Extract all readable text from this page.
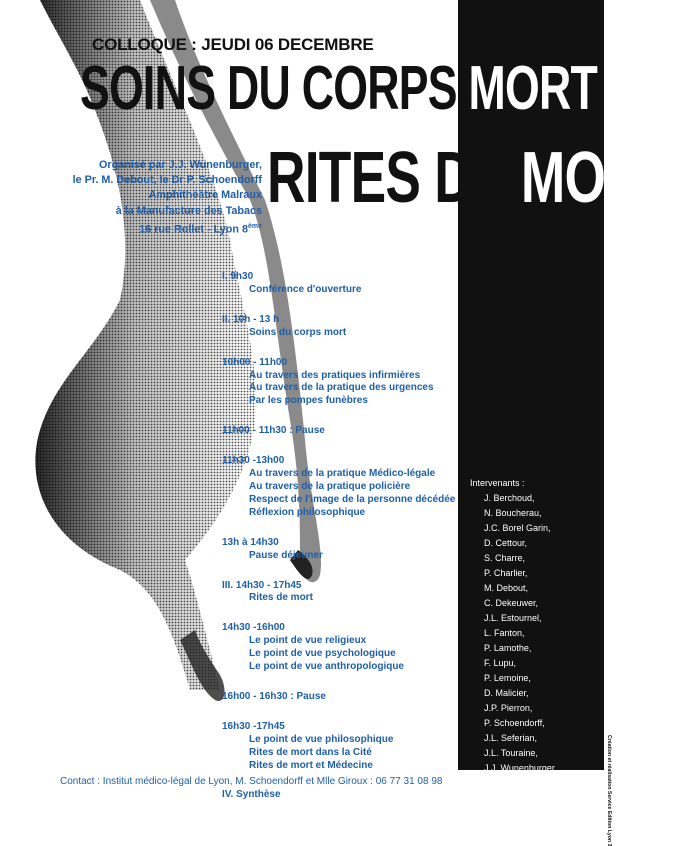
COLLOQUE : JEUDI 06 DECEMBRE
SOINS DU CORPS MORT
RITES DE MORT
Organisé par J.J. Wunenburger,
le Pr. M. Debout, le Dr P. Schoendorff
Amphithéâtre Malraux
à la Manufacture des Tabacs
16 rue Rollet - Lyon 8ème
I. 9h30
Conférence d'ouverture
II. 10h - 13 h
Soins du corps mort
10h00 - 11h00
Au travers des pratiques infirmières
Au travers de la pratique des urgences
Par les pompes funèbres
11h00 - 11h30 : Pause
11h30 -13h00
Au travers de la pratique Médico-légale
Au travers de la pratique policière
Respect de l'image de la personne décédée
Réflexion philosophique
13h à 14h30
Pause déjeuner
III. 14h30 - 17h45
Rites de mort
14h30 -16h00
Le point de vue religieux
Le point de vue psychologique
Le point de vue anthropologique
16h00 - 16h30 : Pause
16h30 -17h45
Le point de vue philosophique
Rites de mort dans la Cité
Rites de mort et Médecine
IV. Synthèse
Intervenants :
J. Berchoud,
N. Boucherau,
J.C. Borel Garin,
D. Cettour,
S. Charre,
P. Charlier,
M. Debout,
C. Dekeuwer,
J.L. Estournel,
L. Fanton,
P. Lamothe,
F. Lupu,
P. Lemoine,
D. Malicier,
J.P. Pierron,
P. Schoendorff,
J.L. Seferian,
J.L. Touraine,
J.J. Wunenburger
Contact : Institut médico-légal de Lyon, M. Schoendorff et Mlle Giroux : 06 77 31 08 98	Création et réalisation Service Edition Lyon 3
